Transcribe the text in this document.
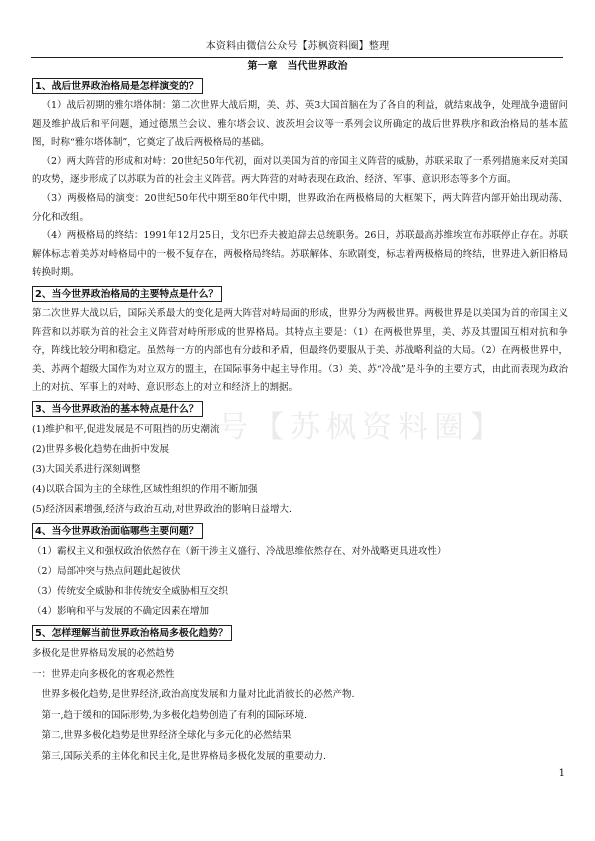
本资料由微信公众号【苏枫资料圈】整理
第一章　当代世界政治
号【苏枫资料圈】
1、战后世界政治格局是怎样演变的？

（1）战后初期的雅尔塔体制：第二次世界大战后期，美、苏、英3大国首脑在为了各自的利益，就结束战争，处理战争遗留问题及维护战后和平问题，通过德黑兰会议、雅尔塔会议、波茨坦会议等一系列会议所确定的战后世界秩序和政治格局的基本蓝图，时称“雅尔塔体制”，它奠定了战后两极格局的基础。

（2）两大阵营的形成和对峙：20世纪50年代初，面对以美国为首的帝国主义阵营的威胁，苏联采取了一系列措施来反对美国的攻势，逐步形成了以苏联为首的社会主义阵营。两大阵营的对峙表现在政治、经济、军事、意识形态等多个方面。

（3）两极格局的演变：20世纪50年代中期至80年代中期，世界政治在两极格局的大框架下，两大阵营内部开始出现动荡、分化和改组。

（4）两极格局的终结：1991年12月25日，戈尔巴乔夫被迫辞去总统职务。26日，苏联最高苏维埃宣布苏联停止存在。苏联解体标志着美苏对峙格局中的一极不复存在，两极格局终结。苏联解体、东欧剧变，标志着两极格局的终结，世界进入新旧格局转换时期。

2、当今世界政治格局的主要特点是什么？

第二次世界大战以后，国际关系最大的变化是两大阵营对峙局面的形成，世界分为两极世界。两极世界是以美国为首的帝国主义阵营和以苏联为首的社会主义阵营对峙所形成的世界格局。其特点主要是：（1）在两极世界里，美、苏及其盟国互相对抗和争夺，阵线比较分明和稳定。虽然每一方的内部也有分歧和矛盾，但最终仍要服从于美、苏战略利益的大局。（2）在两极世界中，美、苏两个超级大国作为对立双方的盟主，在国际事务中起主导作用。（3）美、苏“冷战”是斗争的主要方式，由此而表现为政治上的对抗、军事上的对峙、意识形态上的对立和经济上的割据。

3、当今世界政治的基本特点是什么？

(1)维护和平,促进发展是不可阻挡的历史潮流

(2)世界多极化趋势在曲折中发展

(3)大国关系进行深刻调整

(4)以联合国为主的全球性,区域性组织的作用不断加强

(5)经济因素增强,经济与政治互动,对世界政治的影响日益增大.

4、当今世界政治面临哪些主要问题？

（1）霸权主义和强权政治依然存在（新干涉主义盛行、冷战思维依然存在、对外战略更具进攻性）

（2）局部冲突与热点问题此起彼伏

（3）传统安全威胁和非传统安全威胁相互交织

（4）影响和平与发展的不确定因素在增加

5、怎样理解当前世界政治格局多极化趋势？

多极化是世界格局发展的必然趋势

一：世界走向多极化的客观必然性

世界多极化趋势,是世界经济,政治高度发展和力量对比此消彼长的必然产物.

第一,趋于缓和的国际形势,为多极化趋势创造了有利的国际环境.

第二,世界多极化趋势是世界经济全球化与多元化的必然结果

第三,国际关系的主体化和民主化,是世界格局多极化发展的重要动力.

1
